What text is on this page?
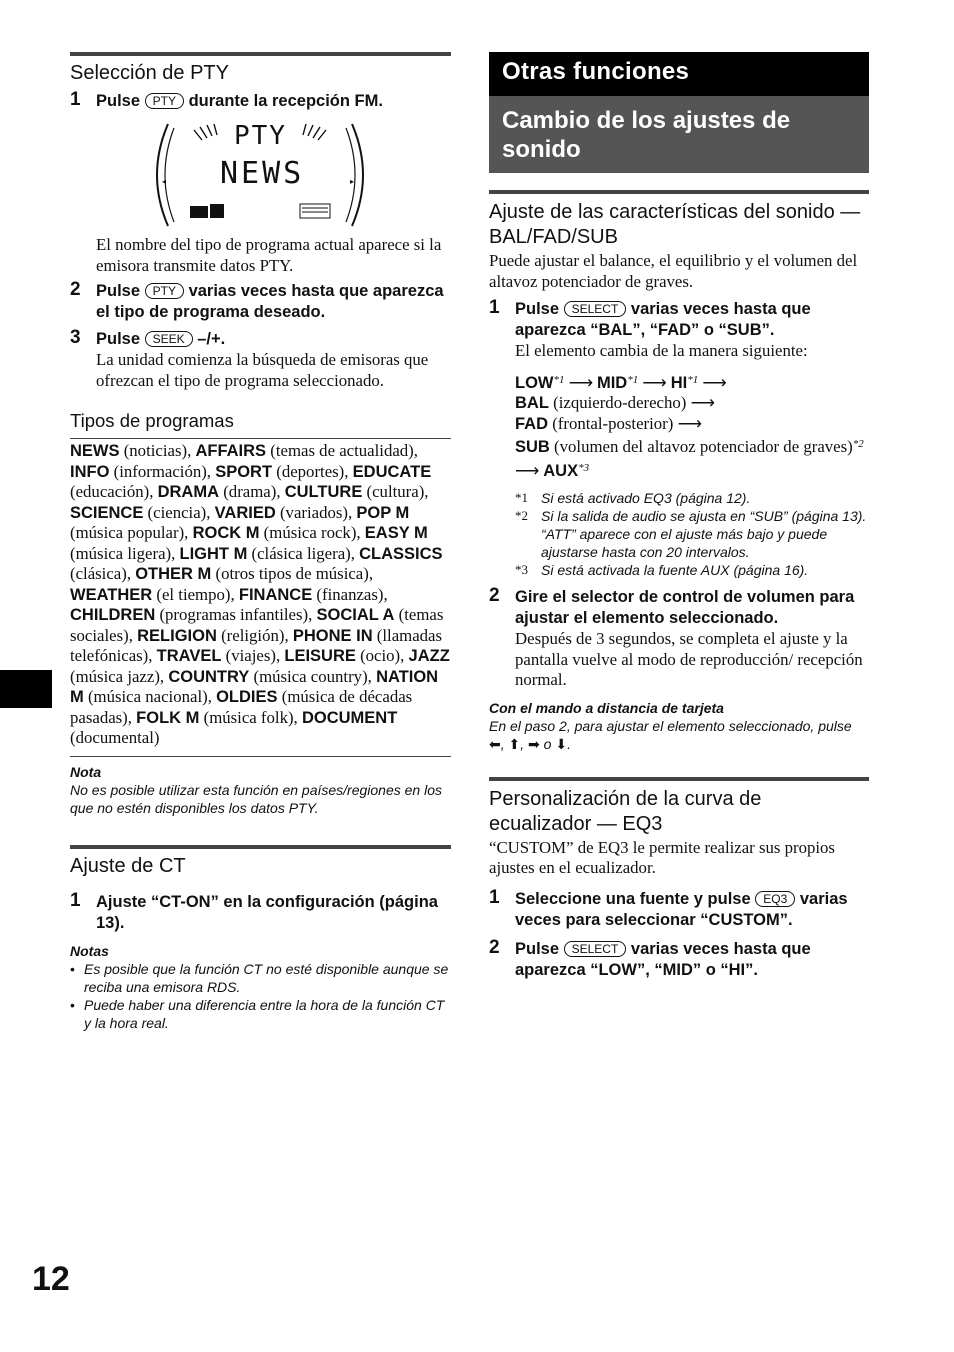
Selección de PTY
1 Pulse PTY durante la recepción FM.
◂	▸
PTY
NEWS
El nombre del tipo de programa actual aparece si la emisora transmite datos PTY.
2 Pulse PTY varias veces hasta que aparezca el tipo de programa deseado.
3 Pulse SEEK –/+.
La unidad comienza la búsqueda de emisoras que ofrezcan el tipo de programa seleccionado.
Tipos de programas
NEWS (noticias), AFFAIRS (temas de actualidad), INFO (información), SPORT (deportes), EDUCATE (educación), DRAMA (drama), CULTURE (cultura), SCIENCE (ciencia), VARIED (variados), POP M (música popular), ROCK M (música rock), EASY M (música ligera), LIGHT M (clásica ligera), CLASSICS (clásica), OTHER M (otros tipos de música), WEATHER (el tiempo), FINANCE (finanzas), CHILDREN (programas infantiles), SOCIAL A (temas sociales), RELIGION (religión), PHONE IN (llamadas telefónicas), TRAVEL (viajes), LEISURE (ocio), JAZZ (música jazz), COUNTRY (música country), NATION M (música nacional), OLDIES (música de décadas pasadas), FOLK M (música folk), DOCUMENT (documental)
Nota
No es posible utilizar esta función en países/regiones en los que no estén disponibles los datos PTY.
Ajuste de CT
1 Ajuste “CT-ON” en la configuración (página 13).
Notas
• Es posible que la función CT no esté disponible aunque se reciba una emisora RDS.
• Puede haber una diferencia entre la hora de la función CT y la hora real.
Otras funciones
Cambio de los ajustes de sonido
Ajuste de las características del sonido — BAL/FAD/SUB
Puede ajustar el balance, el equilibrio y el volumen del altavoz potenciador de graves.
1 Pulse SELECT varias veces hasta que aparezca “BAL”, “FAD” o “SUB”.
El elemento cambia de la manera siguiente:
LOW$^{*1}$ ⟶ MID$^{*1}$ ⟶ HI$^{*1}$ ⟶
BAL (izquierdo-derecho) ⟶
FAD (frontal-posterior) ⟶
SUB (volumen del altavoz potenciador de graves)$^{*2}$ ⟶ AUX$^{*3}$
*1 Si está activado EQ3 (página 12).
*2 Si la salida de audio se ajusta en “SUB” (página 13). “ATT” aparece con el ajuste más bajo y puede ajustarse hasta con 20 intervalos.
*3 Si está activada la fuente AUX (página 16).
2 Gire el selector de control de volumen para ajustar el elemento seleccionado.
Después de 3 segundos, se completa el ajuste y la pantalla vuelve al modo de reproducción/ recepción normal.
Con el mando a distancia de tarjeta
En el paso 2, para ajustar el elemento seleccionado, pulse ⬅, ⬆, ➡ o ⬇.
Personalización de la curva de ecualizador — EQ3
“CUSTOM” de EQ3 le permite realizar sus propios ajustes en el ecualizador.
1 Seleccione una fuente y pulse EQ3 varias veces para seleccionar “CUSTOM”.
2 Pulse SELECT varias veces hasta que aparezca “LOW”, “MID” o “HI”.
12
